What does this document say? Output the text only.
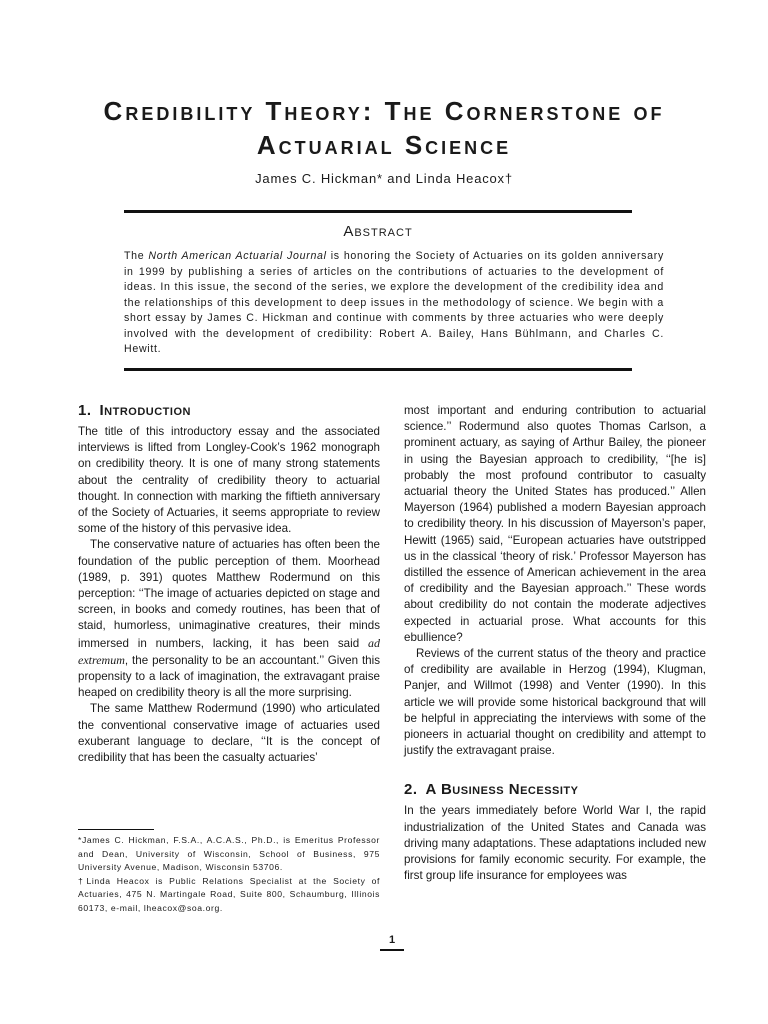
Credibility Theory: The Cornerstone of
Actuarial Science
James C. Hickman* and Linda Heacox†
Abstract
The North American Actuarial Journal is honoring the Society of Actuaries on its golden anniversary in 1999 by publishing a series of articles on the contributions of actuaries to the development of ideas. In this issue, the second of the series, we explore the development of the credibility idea and the relationships of this development to deep issues in the methodology of science. We begin with a short essay by James C. Hickman and continue with comments by three actuaries who were deeply involved with the development of credibility: Robert A. Bailey, Hans Bühlmann, and Charles C. Hewitt.
1. Introduction

The title of this introductory essay and the associated interviews is lifted from Longley-Cook’s 1962 monograph on credibility theory. It is one of many strong statements about the centrality of credibility theory to actuarial thought. In connection with marking the fiftieth anniversary of the Society of Actuaries, it seems appropriate to review some of the history of this pervasive idea.

The conservative nature of actuaries has often been the foundation of the public perception of them. Moorhead (1989, p. 391) quotes Matthew Rodermund on this perception: ‘‘The image of actuaries depicted on stage and screen, in books and comedy routines, has been that of staid, humorless, unimaginative creatures, their minds immersed in numbers, lacking, it has been said ad extremum, the personality to be an accountant.’’ Given this propensity to a lack of imagination, the extravagant praise heaped on credibility theory is all the more surprising.

The same Matthew Rodermund (1990) who articulated the conventional conservative image of actuaries used exuberant language to declare, ‘‘It is the concept of credibility that has been the casualty actuaries’

most important and enduring contribution to actuarial science.’’ Rodermund also quotes Thomas Carlson, a prominent actuary, as saying of Arthur Bailey, the pioneer in using the Bayesian approach to credibility, ‘‘[he is] probably the most profound contributor to casualty actuarial theory the United States has produced.’’ Allen Mayerson (1964) published a modern Bayesian approach to credibility theory. In his discussion of Mayerson’s paper, Hewitt (1965) said, ‘‘European actuaries have outstripped us in the classical ‘theory of risk.’ Professor Mayerson has distilled the essence of American achievement in the area of credibility and the Bayesian approach.’’ These words about credibility do not contain the moderate adjectives expected in actuarial prose. What accounts for this ebullience?

Reviews of the current status of the theory and practice of credibility are available in Herzog (1994), Klugman, Panjer, and Willmot (1998) and Venter (1990). In this article we will provide some historical background that will be helpful in appreciating the interviews with some of the pioneers in actuarial thought on credibility and attempt to justify the extravagant praise.

2. A Business Necessity

In the years immediately before World War I, the rapid industrialization of the United States and Canada was driving many adaptations. These adaptations included new provisions for family economic security. For example, the first group life insurance for employees was

*James C. Hickman, F.S.A., A.C.A.S., Ph.D., is Emeritus Professor and Dean, University of Wisconsin, School of Business, 975 University Avenue, Madison, Wisconsin 53706.

†Linda Heacox is Public Relations Specialist at the Society of Actuaries, 475 N. Martingale Road, Suite 800, Schaumburg, Illinois 60173, e-mail, lheacox@soa.org.

1
